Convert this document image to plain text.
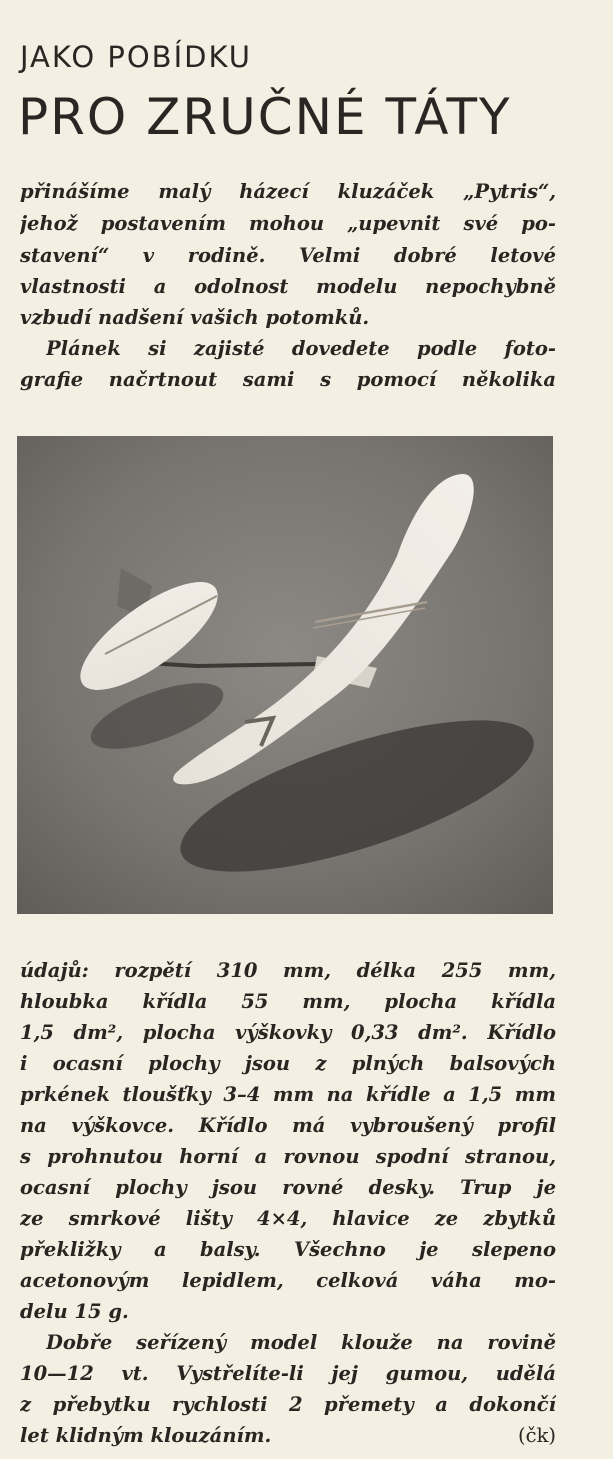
JAKO POBÍDKU
PRO ZRUČNÉ TÁTY
přinášíme malý házecí kluzáček „Pytris“,
jehož postavením mohou „upevnit své po-
stavení“ v rodině. Velmi dobré letové
vlastnosti a odolnost modelu nepochybně
vzbudí nadšení vašich potomků.
Plánek si zajisté dovedete podle foto-
grafie načrtnout sami s pomocí několika
údajů: rozpětí 310 mm, délka 255 mm,
hloubka křídla 55 mm, plocha křídla
1,5 dm², plocha výškovky 0,33 dm². Křídlo
i ocasní plochy jsou z plných balsových
prkének tloušťky 3–4 mm na křídle a 1,5 mm
na výškovce. Křídlo má vybroušený profil
s prohnutou horní a rovnou spodní stranou,
ocasní plochy jsou rovné desky. Trup je
ze smrkové lišty 4×4, hlavice ze zbytků
překližky a balsy. Všechno je slepeno
acetonovým lepidlem, celková váha mo-
delu 15 g.
Dobře seřízený model klouže na rovině
10—12 vt. Vystřelíte-li jej gumou, udělá
z přebytku rychlosti 2 přemety a dokončí
let klidným klouzáním.	(čk)
